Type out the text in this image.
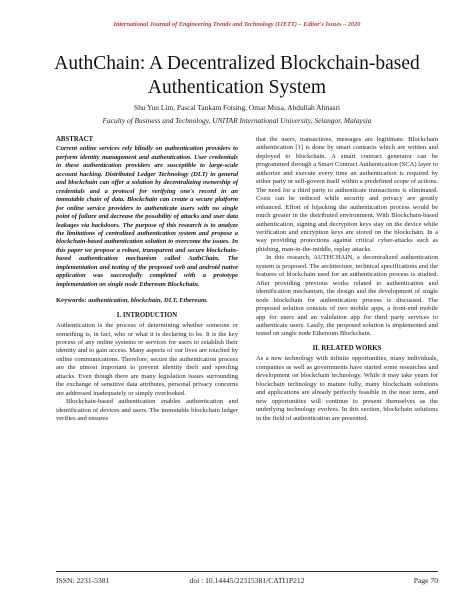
International Journal of Engineering Trends and Technology (IJETT) – Editor's Issues – 2020
AuthChain: A Decentralized Blockchain-based Authentication System
Shu Yun Lim, Pascal Tankam Fotsing, Omar Musa, Abdullah Almasri
Faculty of Business and Technology, UNITAR International University, Selangor, Malaysia
ABSTRACT

Current online services rely blindly on authentication providers to perform identity management and authentication. User credentials in these authentication providers are susceptible to large-scale account hacking. Distributed Ledger Technology (DLT) in general and blockchain can offer a solution by decentralizing ownership of credentials and a protocol for verifying one's record in an immutable chain of data. Blockchain can create a secure platform for online service providers to authenticate users with no single point of failure and decrease the possibility of attacks and user data leakages via backdoors. The purpose of this research is to analyze the limitations of centralized authentication system and propose a blockchain-based authentication solution to overcome the issues. In this paper we propose a robust, transparent and secure blockchain-based authentication mechanism called AuthChain. The implementation and testing of the proposed web and android native application was successfully completed with a prototype implementation on single node Ethereum Blockchain.

Keywords: authentication, blockchain, DLT, Ethereum.

I. INTRODUCTION

Authentication is the process of determining whether someone or something is, in fact, who or what it is declaring to be. It is the key process of any online systems or services for users to establish their identity and to gain access. Many aspects of our lives are touched by online communications. Therefore, secure the authentication process are the utmost important to prevent identity theft and spoofing attacks. Even though there are many legislation issues surrounding the exchange of sensitive data attributes, personal privacy concerns are addressed inadequately or simply overlooked.

Blockchain-based authentication enables authentication and identification of devices and users. The immutable blockchain ledger verifies and ensures

that the users, transactions, messages are legitimate. Blockchain authentication [1] is done by smart contracts which are written and deployed to blockchain. A smart contract generator can be programmed through a Smart Contract Authentication (SCA) layer to authorize and execute every time an authentication is required by either party or self-govern itself within a predefined scope of actions. The need for a third party to authenticate transactions is eliminated. Costs can be reduced while security and privacy are greatly enhanced. Effort of hijacking the authentication process would be much greater in the distributed environment. With Blockchain-based authentication, signing and decryption keys stay on the device while verification and encryption keys are stored on the blockchain. In a way providing protections against critical cyber-attacks such as phishing, man-in-the-middle, replay attacks.

In this research, AUTHCHAIN, a decentralized authentication system is proposed. The architecture, technical specifications and the features of blockchain used for an authentication process is studied. After providing previous works related to authentication and identification mechanism, the design and the development of single node blockchain for authentication process is discussed. The proposed solution consists of two mobile apps, a front-end mobile app for users and an validation app for third party services to authenticate users. Lastly, the proposed solution is implemented and tested on single node Ethereum Blockchain.

II. RELATED WORKS

As a new technology with infinite opportunities, many individuals, companies as well as governments have started some researches and development on blockchain technology. While it may take years for blockchain technology to mature fully, many blockchain solutions and applications are already perfectly feasible in the near term, and new opportunities will continue to present themselves as the underlying technology evolves. In this section, blockchain solutions in the field of authentication are presented.

ISSN: 2231-5381	doi : 10.14445/22315381/CATI1P212	Page 70
